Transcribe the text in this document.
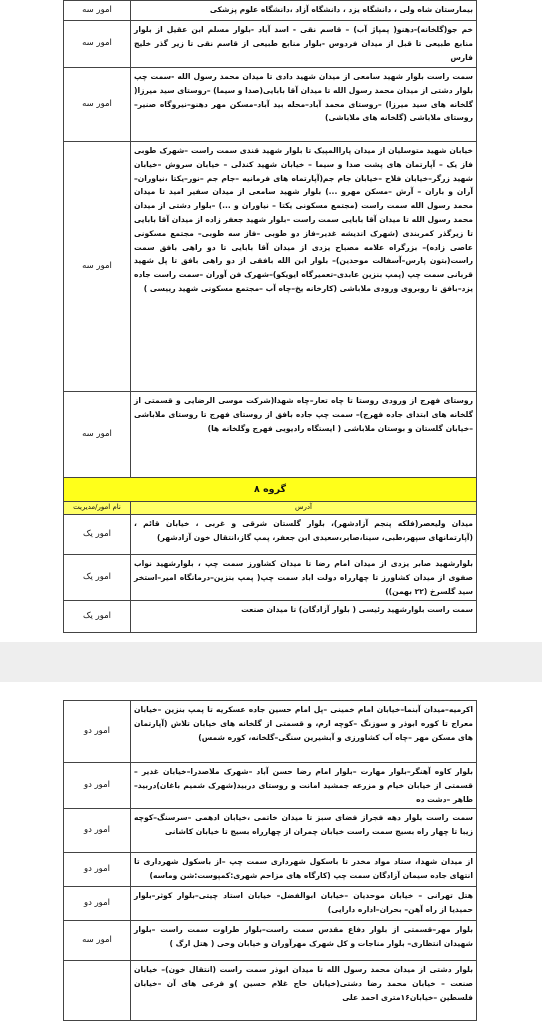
بیمارستان شاه ولی ، دانشگاه یزد ، دانشگاه آزاد ،دانشگاه علوم پزشکی	امور سه
خم جو(گلخانه)-دهنو( پمپاژ آب) – قاسم نقی - اسد آباد -بلوار مسلم ابن عقیل از بلوار منابع طبیعی تا قبل از میدان فردوس -بلوار منابع طبیعی از قاسم نقی تا زیر گذر خلیج فارس	امور سه
سمت راست بلوار شهید سامعی از میدان شهید دادی تا میدان محمد رسول الله -سمت چپ بلوار دشتی از میدان محمد رسول الله تا میدان آقا بابایی(صدا و سیما) –روستای سید میرزا( گلخانه های سید میرزا) –روستای محمد آباد–محله بید آباد–مسکن مهر دهنو–نیروگاه صنیر–روستای ملاباشی (گلخانه های ملاباشی)	امور سه
خیابان شهید متوسلیان از میدان پاراالمپیک تا بلوار شهید قندی سمت راست –شهرک طوبی فاز یک – آپارتمان های پشت صدا و سیما – خیابان شهید کندلی – خیابان سروش –خیابان شهید زرگر–خیابان فلاح –خیابان جام جم(آپارتماه های فرمانیه –جام جم –نور–یکتا ،نیاوران–آران و باران – آرش –مسکن مهرو ...) بلوار شهید سامعی از میدان سفیر امید تا میدان محمد رسول الله سمت راست (مجتمع مسکونی یکتا – نیاوران و ...) –بلوار دشتی از میدان محمد رسول الله تا میدان آقا بابایی سمت راست –بلوار شهید جعفر زاده از میدان آقا بابایی تا زیرگذر کمربندی (شهرک اندیشه غدیر–فاز دو طوبی –فاز سه طوبی– مجتمع مسکونی عاصی زاده)– بزرگراه علامه مصباح یزدی از میدان آقا بابایی تا دو راهی بافق سمت راست(بتون پارس–آسفالت موحدین)– بلوار ابن الله بافقی از دو راهی بافق تا پل شهید قربانی سمت چپ (پمپ بنزین عابدی–تعمیرگاه ایویکو)–شهرک فن آوران –سمت راست جاده یزد–بافق تا روبروی ورودی ملاباشی (کارخانه یخ–چاه آب –مجتمع مسکونی شهید رییسی )	امور سه
روستای فهرج از ورودی روستا تا چاه تعار–چاه شهدا(شرکت موسی الرضایی و قسمتی از گلخانه های ابتدای جاده فهرج)– سمت چپ جاده بافق از روستای فهرج تا روستای ملاباشی –خیابان گلستان و بوستان ملاباشی ( ایستگاه رادیویی فهرج وگلخانه ها)	امور سه
گروه ۸	
آدرس	نام امور/مدیریت
میدان ولیعصر(فلکه پنجم آزادشهر)، بلوار گلستان شرقی و غربی ، خیابان قائم ،(آپارتمانهای سپهر،طبی، سینا،صابر،سعیدی ابن جعفر، پمپ گاز،انتقال خون آزادشهر)	امور یک
بلوارشهید صابر یزدی از میدان امام رضا تا میدان کشاورز سمت چپ ، بلوارشهید نواب صفوی از میدان کشاورز تا چهارراه دولت اباد سمت چپ( پمپ بنزین–درمانگاه امیر–استخر سید گلسرخ (۲۲ بهمن))	امور یک
سمت راست بلوارشهید رئیسی ( بلوار آزادگان) تا میدان صنعت	امور یک
اکرمیه–میدان آبنما–خیابان امام خمینی –پل امام حسین جاده عسکریه تا پمپ بنزین –خیابان معراج تا کوره ابوذر و سوزنگ –کوچه ارم، و قسمتی از گلخانه های خیابان تلاش (آپارتمان های مسکن مهر –چاه آب کشاورزی و آبشیرین سنگی–گلخانه، کوره شمس)	امور دو
بلوار کاوه آهنگر–بلوار مهارت –بلوار امام رضا حسن آباد –شهرک ملاصدرا–خیابان غدیر – قسمتی از خیابان خیام و مزرعه جمشید امانت و روستای دربید(شهرک شمیم باغان)دربید–طاهر –دشت ده	امور دو
سمت راست بلوار دهه فجراز فضای سبز تا میدان خاتمی ،خیابان ادهمی –سرسنگ–کوچه زیبا تا چهار راه بسیج سمت راست خیابان چمران از چهارراه بسیج تا خیابان کاشانی	امور دو
از میدان شهدا، ستاد مواد مخدر تا باسکول شهرداری سمت چپ –از باسکول شهرداری تا انتهای جاده سیمان آزادگان سمت چپ (کارگاه های مزاحم شهری:کمپوست:شن وماسه)	امور دو
هتل تهرانی – خیابان موحدیان –خیابان ابوالفضل– خیابان استاد چیتی–بلوار کوثر–بلوار حمیدیا از راه آهن– بحران–اداره دارایی)	امور دو
بلوار مهر–قسمتی از بلوار دفاع مقدس سمت راست–بلوار طراوت سمت راست –بلوار شهیدان انتظاری– بلوار مناجات و کل شهرک مهرآوران و خیابان وحی ( هتل ارگ )	امور سه
بلوار دشتی از میدان محمد رسول الله تا میدان ابوذر سمت راست (انتقال خون)– خیابان صنعت – خیابان محمد رضا دشتی(خیابان حاج غلام حسین )و فرعی های آن –خیابان فلسطین –خیابان۱۶متری احمد علی	
